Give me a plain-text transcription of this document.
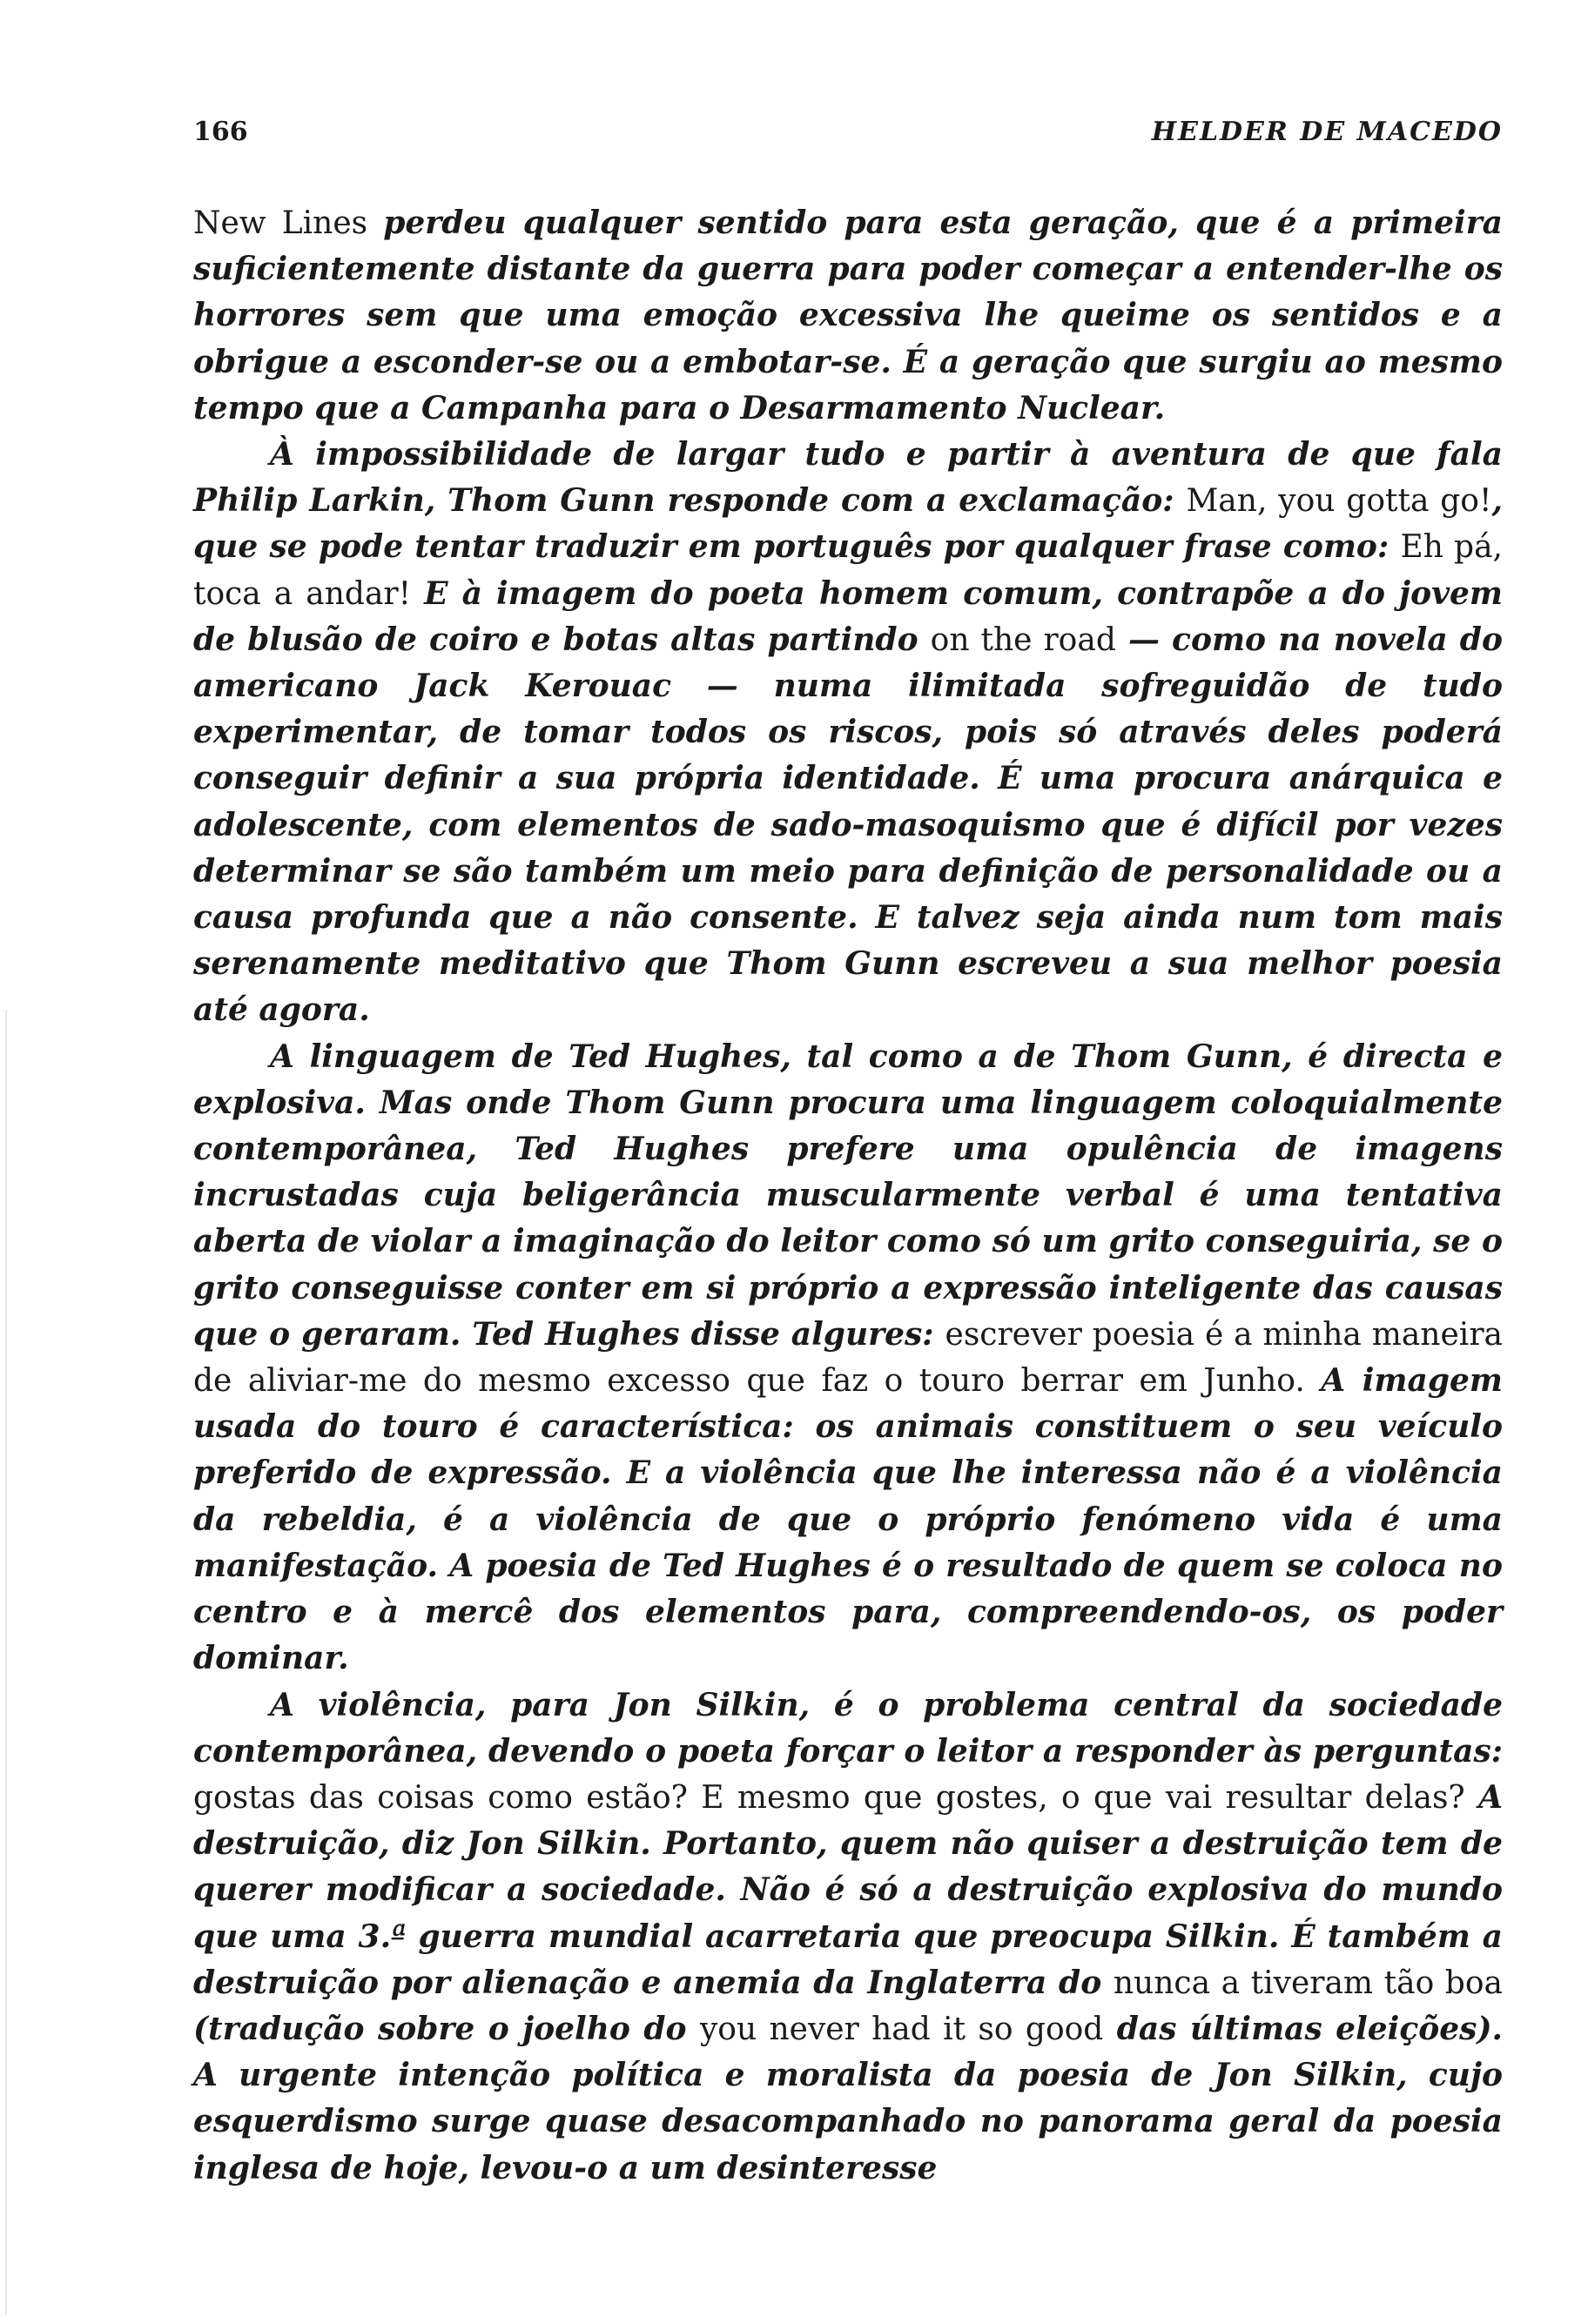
166	HELDER DE MACEDO

New Lines perdeu qualquer sentido para esta geração, que é a primeira suficientemente distante da guerra para poder começar a entender-lhe os horrores sem que uma emoção excessiva lhe queime os sentidos e a obrigue a esconder-se ou a embotar-se. É a geração que surgiu ao mesmo tempo que a Campanha para o Desarmamento Nuclear.

À impossibilidade de largar tudo e partir à aventura de que fala Philip Larkin, Thom Gunn responde com a exclamação: Man, you gotta go!, que se pode tentar traduzir em português por qualquer frase como: Eh pá, toca a andar! E à imagem do poeta homem comum, contrapõe a do jovem de blusão de coiro e botas altas partindo on the road — como na novela do americano Jack Kerouac — numa ilimitada sofreguidão de tudo experimentar, de tomar todos os riscos, pois só através deles poderá conseguir definir a sua própria identidade. É uma procura anárquica e adolescente, com elementos de sado-masoquismo que é difícil por vezes determinar se são também um meio para definição de personalidade ou a causa profunda que a não consente. E talvez seja ainda num tom mais serenamente meditativo que Thom Gunn escreveu a sua melhor poesia até agora.

A linguagem de Ted Hughes, tal como a de Thom Gunn, é directa e explosiva. Mas onde Thom Gunn procura uma linguagem coloquialmente contemporânea, Ted Hughes prefere uma opulência de imagens incrustadas cuja beligerância muscularmente verbal é uma tentativa aberta de violar a imaginação do leitor como só um grito conseguiria, se o grito conseguisse conter em si próprio a expressão inteligente das causas que o geraram. Ted Hughes disse algures: escrever poesia é a minha maneira de aliviar-me do mesmo excesso que faz o touro berrar em Junho. A imagem usada do touro é característica: os animais constituem o seu veículo preferido de expressão. E a violência que lhe interessa não é a violência da rebeldia, é a violência de que o próprio fenómeno vida é uma manifestação. A poesia de Ted Hughes é o resultado de quem se coloca no centro e à mercê dos elementos para, compreendendo-os, os poder dominar.

A violência, para Jon Silkin, é o problema central da sociedade contemporânea, devendo o poeta forçar o leitor a responder às perguntas: gostas das coisas como estão? E mesmo que gostes, o que vai resultar delas? A destruição, diz Jon Silkin. Portanto, quem não quiser a destruição tem de querer modificar a sociedade. Não é só a destruição explosiva do mundo que uma 3.ª guerra mundial acarretaria que preocupa Silkin. É também a destruição por alienação e anemia da Inglaterra do nunca a tiveram tão boa (tradução sobre o joelho do you never had it so good das últimas eleições). A urgente intenção política e moralista da poesia de Jon Silkin, cujo esquerdismo surge quase desacompanhado no panorama geral da poesia inglesa de hoje, levou-o a um desinteresse
